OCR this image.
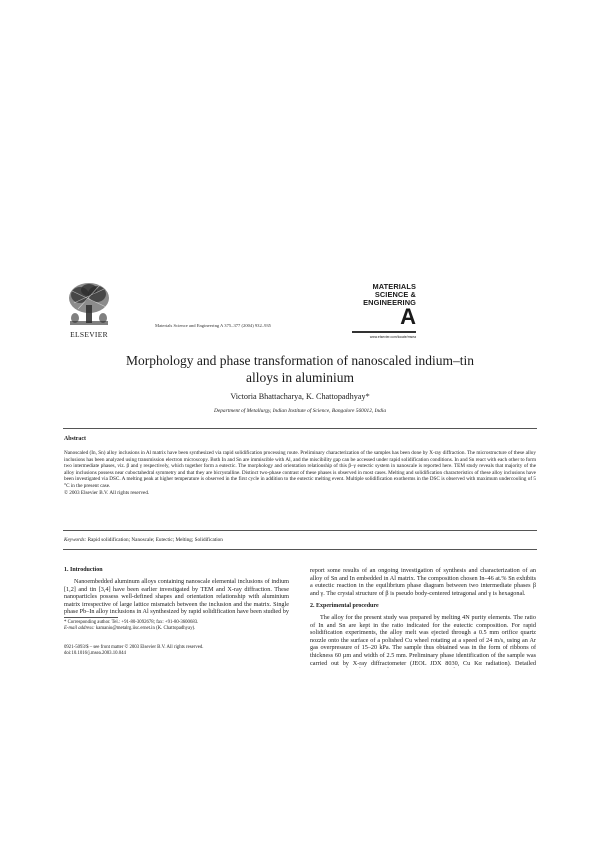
ELSEVIER
Materials Science and Engineering A 375–377 (2004) 932–935
MATERIALS
SCIENCE &
ENGINEERING
A
www.elsevier.com/locate/msea
Morphology and phase transformation of nanoscaled indium–tin
alloys in aluminium
Victoria Bhattacharya, K. Chattopadhyay*
Department of Metallurgy, Indian Institute of Science, Bangalore 560012, India
Abstract
Nanoscaled (In, Sn) alloy inclusions in Al matrix have been synthesized via rapid solidification processing route. Preliminary characterization of the samples has been done by X-ray diffraction. The microstructure of these alloy inclusions has been analyzed using transmission electron microscopy. Both In and Sn are immiscible with Al, and the miscibility gap can be accessed under rapid solidification conditions. In and Sn react with each other to form two intermediate phases, viz. β and γ respectively, which together form a eutectic. The morphology and orientation relationship of this β–γ eutectic system in nanoscale is reported here. TEM study reveals that majority of the alloy inclusions possess near cuboctahedral symmetry and that they are bicrystalline. Distinct two-phase contrast of these phases is observed in most cases. Melting and solidification characteristics of these alloy inclusions have been investigated via DSC. A melting peak at higher temperature is observed in the first cycle in addition to the eutectic melting event. Multiple solidification exotherms in the DSC is observed with maximum undercooling of 5 °C in the present case.
© 2003 Elsevier B.V. All rights reserved.
Keywords: Rapid solidification; Nanoscale; Eutectic; Melting; Solidification
1. Introduction

Nanoembedded aluminum alloys containing nanoscale elemental inclusions of indium [1,2] and tin [3,4] have been earlier investigated by TEM and X-ray diffraction. These nanoparticles possess well-defined shapes and orientation relationship with aluminium matrix irrespective of large lattice mismatch between the inclusion and the matrix. Single phase Pb–In alloy inclusions in Al synthesized by rapid solidification have been studied by

* Corresponding author. Tel.: +91-80-3092678; fax: +91-80-3600683.
E-mail address: kamanio@metalrg.iisc.ernet.in (K. Chattopadhyay).
0921-5093/$ – see front matter © 2003 Elsevier B.V. All rights reserved.
doi:10.1016/j.msea.2003.10.044

report some results of an ongoing investigation of synthesis and characterization of an alloy of Sn and In embedded in Al matrix. The composition chosen In–46 at.% Sn exhibits a eutectic reaction in the equilibrium phase diagram between two intermediate phases β and γ. The crystal structure of β is pseudo body-centered tetragonal and γ is hexagonal.

2. Experimental procedure

The alloy for the present study was prepared by melting 4N purity elements. The ratio of In and Sn are kept in the ratio indicated for the eutectic composition. For rapid solidification experiments, the alloy melt was ejected through a 0.5 mm orifice quartz nozzle onto the surface of a polished Cu wheel rotating at a speed of 24 m/s, using an Ar gas overpressure of 15–20 kPa. The sample thus obtained was in the form of ribbons of thickness 60 µm and width of 2.5 mm. Preliminary phase identification of the sample was carried out by X-ray diffractometer (JEOL JDX 8030, Cu Kα radiation). Detailed
